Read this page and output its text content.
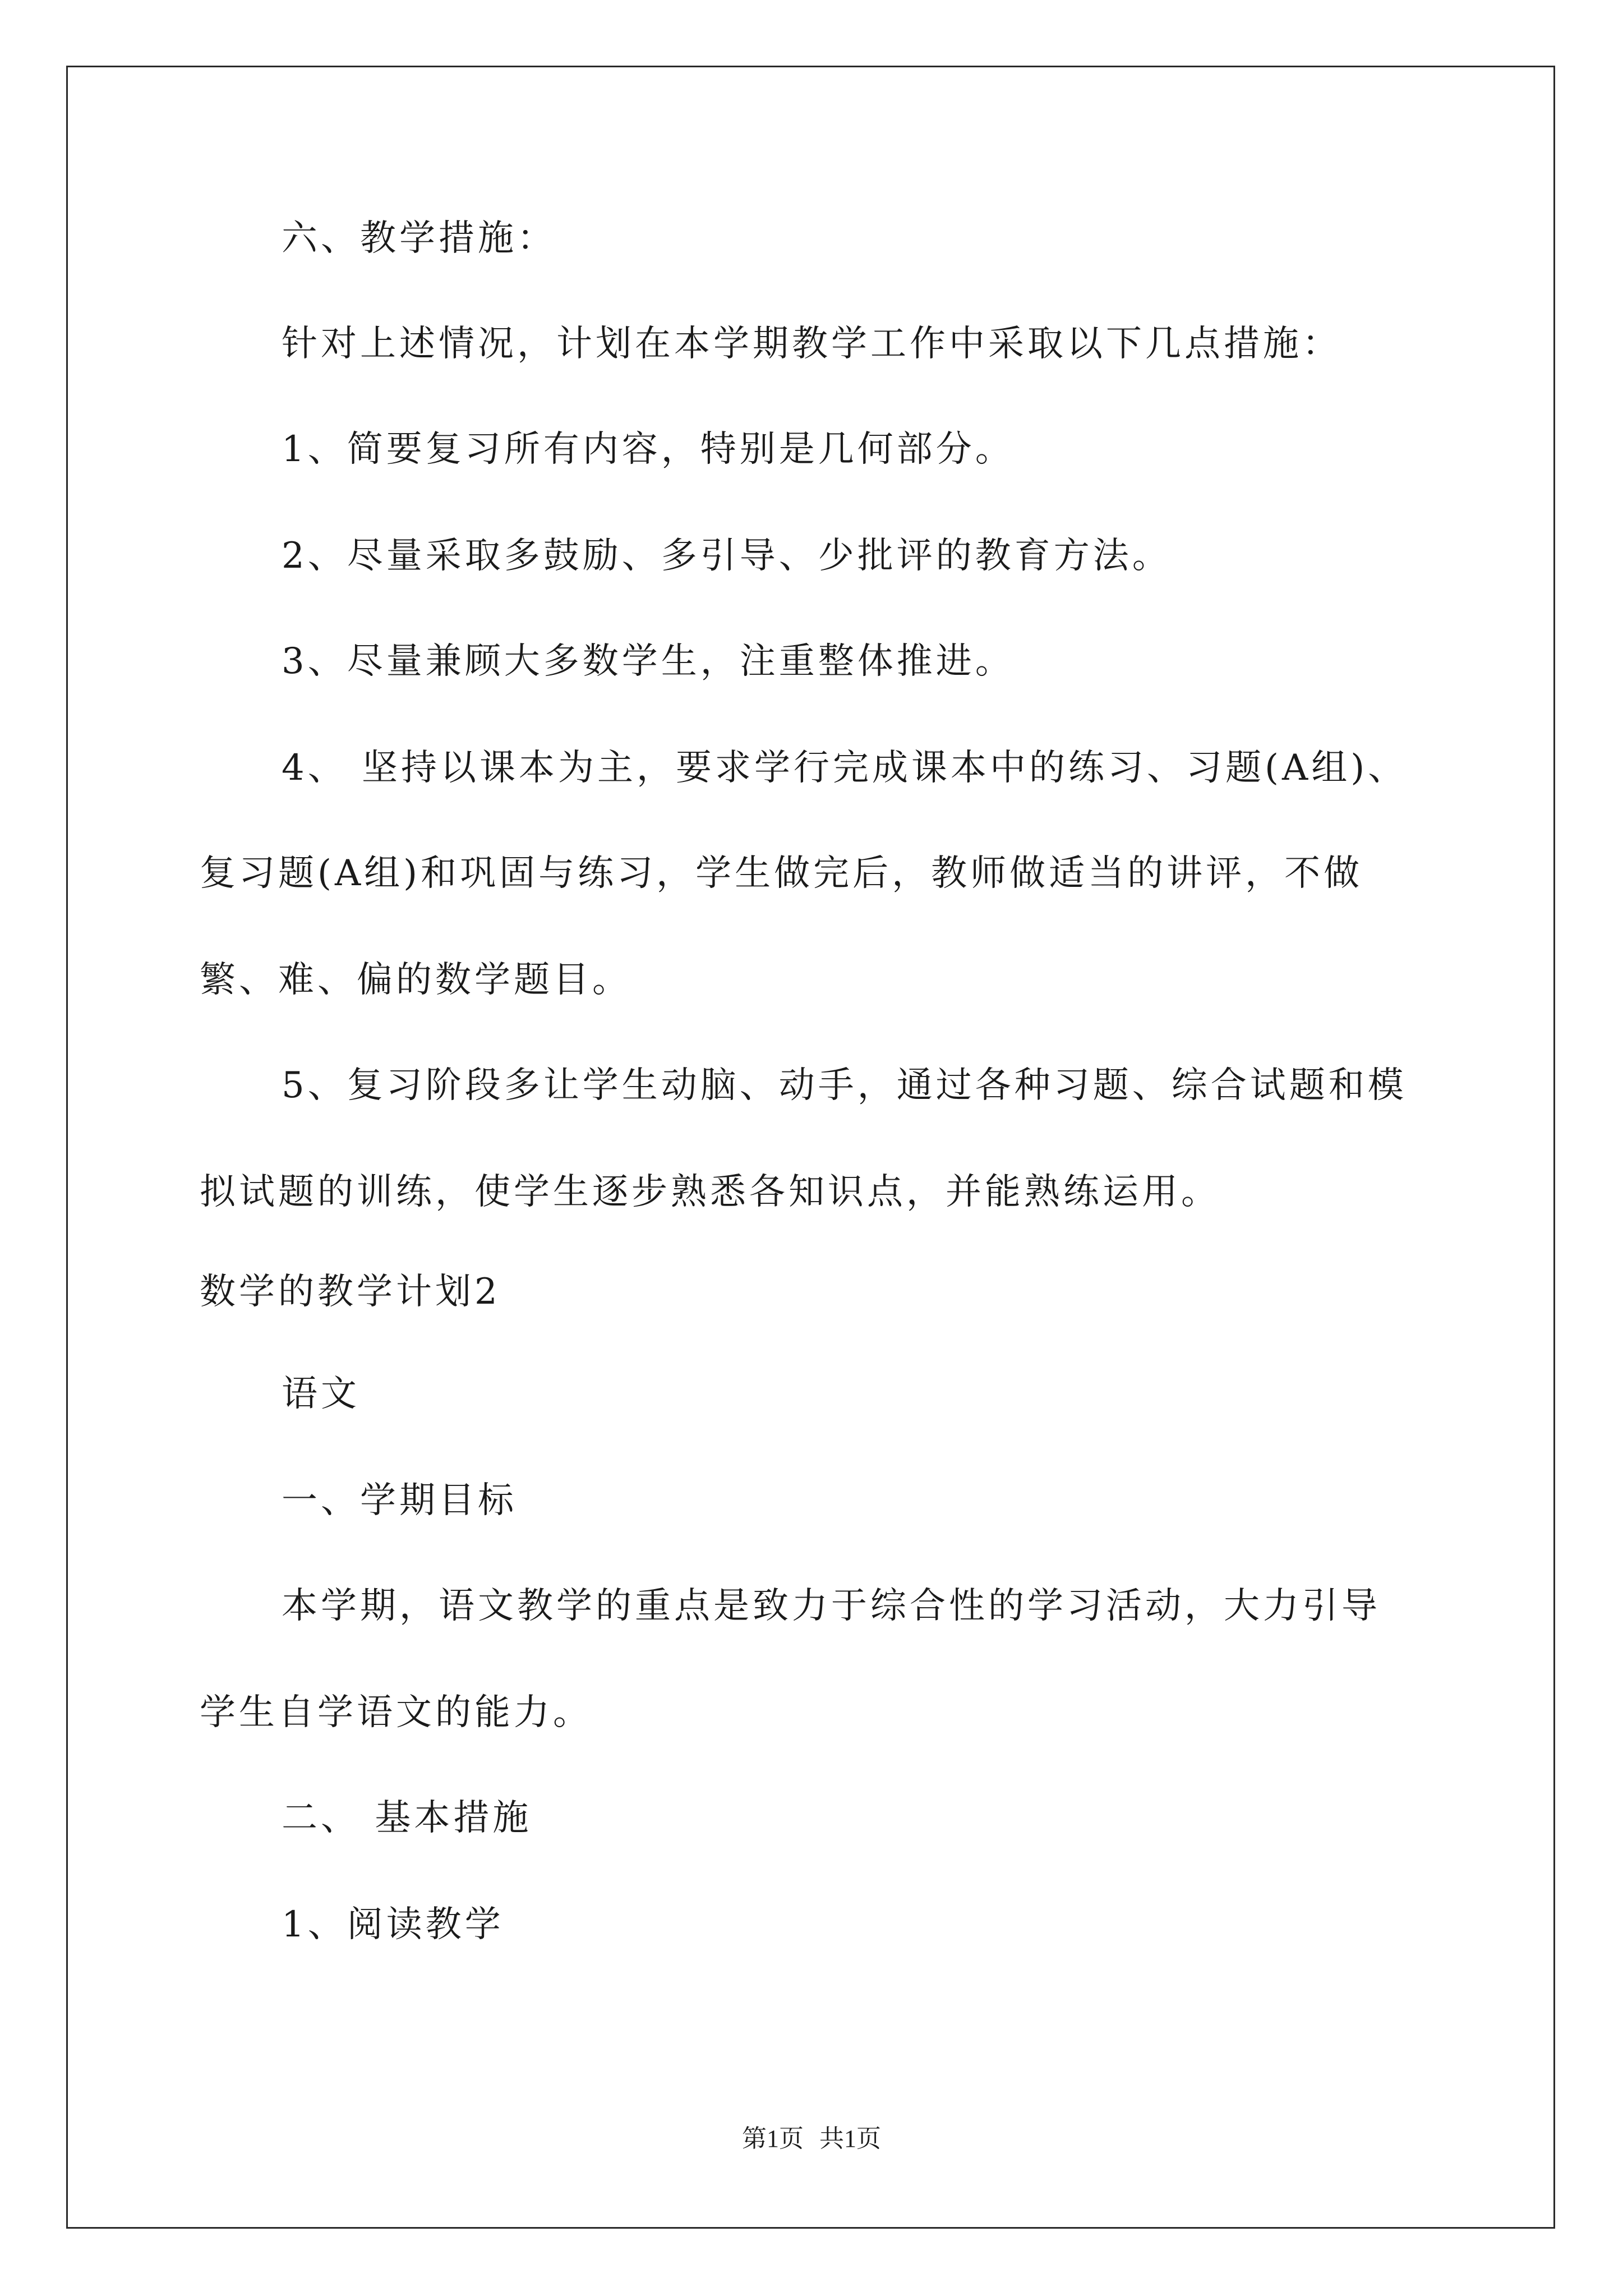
六、教学措施：
针对上述情况，计划在本学期教学工作中采取以下几点措施：
1、简要复习所有内容，特别是几何部分。
2、尽量采取多鼓励、多引导、少批评的教育方法。
3、尽量兼顾大多数学生，注重整体推进。
4、 坚持以课本为主，要求学行完成课本中的练习、习题(A组)、
复习题(A组)和巩固与练习，学生做完后，教师做适当的讲评，不做
繁、难、偏的数学题目。
5、复习阶段多让学生动脑、动手，通过各种习题、综合试题和模
拟试题的训练，使学生逐步熟悉各知识点，并能熟练运用。
数学的教学计划2
语文
一、学期目标
本学期，语文教学的重点是致力于综合性的学习活动，大力引导
学生自学语文的能力。
二、 基本措施
1、阅读教学
第1页 共1页
